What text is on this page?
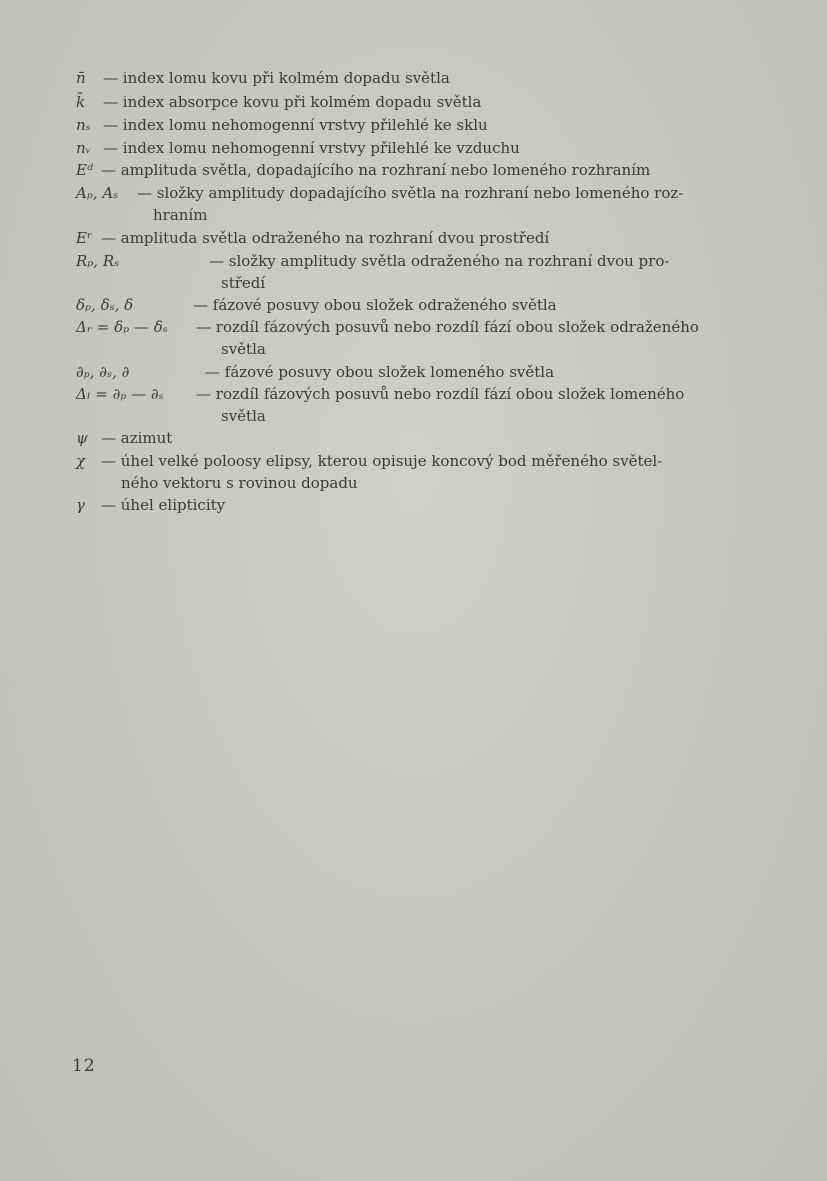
n̄ — index lomu kovu při kolmém dopadu světla
k̄ — index absorpce kovu při kolmém dopadu světla
nₛ — index lomu nehomogenní vrstvy přilehlé ke sklu
nᵥ — index lomu nehomogenní vrstvy přilehlé ke vzduchu
Eᵈ — amplituda světla, dopadajícího na rozhraní nebo lomeného rozhraním
Aₚ, Aₛ — složky amplitudy dopadajícího světla na rozhraní nebo lomeného roz-
hraním
Eʳ — amplituda světla odraženého na rozhraní dvou prostředí
Rₚ, Rₛ	— složky amplitudy světla odraženého na rozhraní dvou pro-
středí
δₚ, δₛ, δ	— fázové posuvy obou složek odraženého světla
Δᵣ = δₚ — δₛ — rozdíl fázových posuvů nebo rozdíl fází obou složek odraženého
světla
∂ₚ, ∂ₛ, ∂	— fázové posuvy obou složek lomeného světla
Δₗ = ∂ₚ — ∂ₛ — rozdíl fázových posuvů nebo rozdíl fází obou složek lomeného
světla
ψ — azimut
χ — úhel velké poloosy elipsy, kterou opisuje koncový bod měřeného světel-
ného vektoru s rovinou dopadu
γ — úhel elipticity
12
